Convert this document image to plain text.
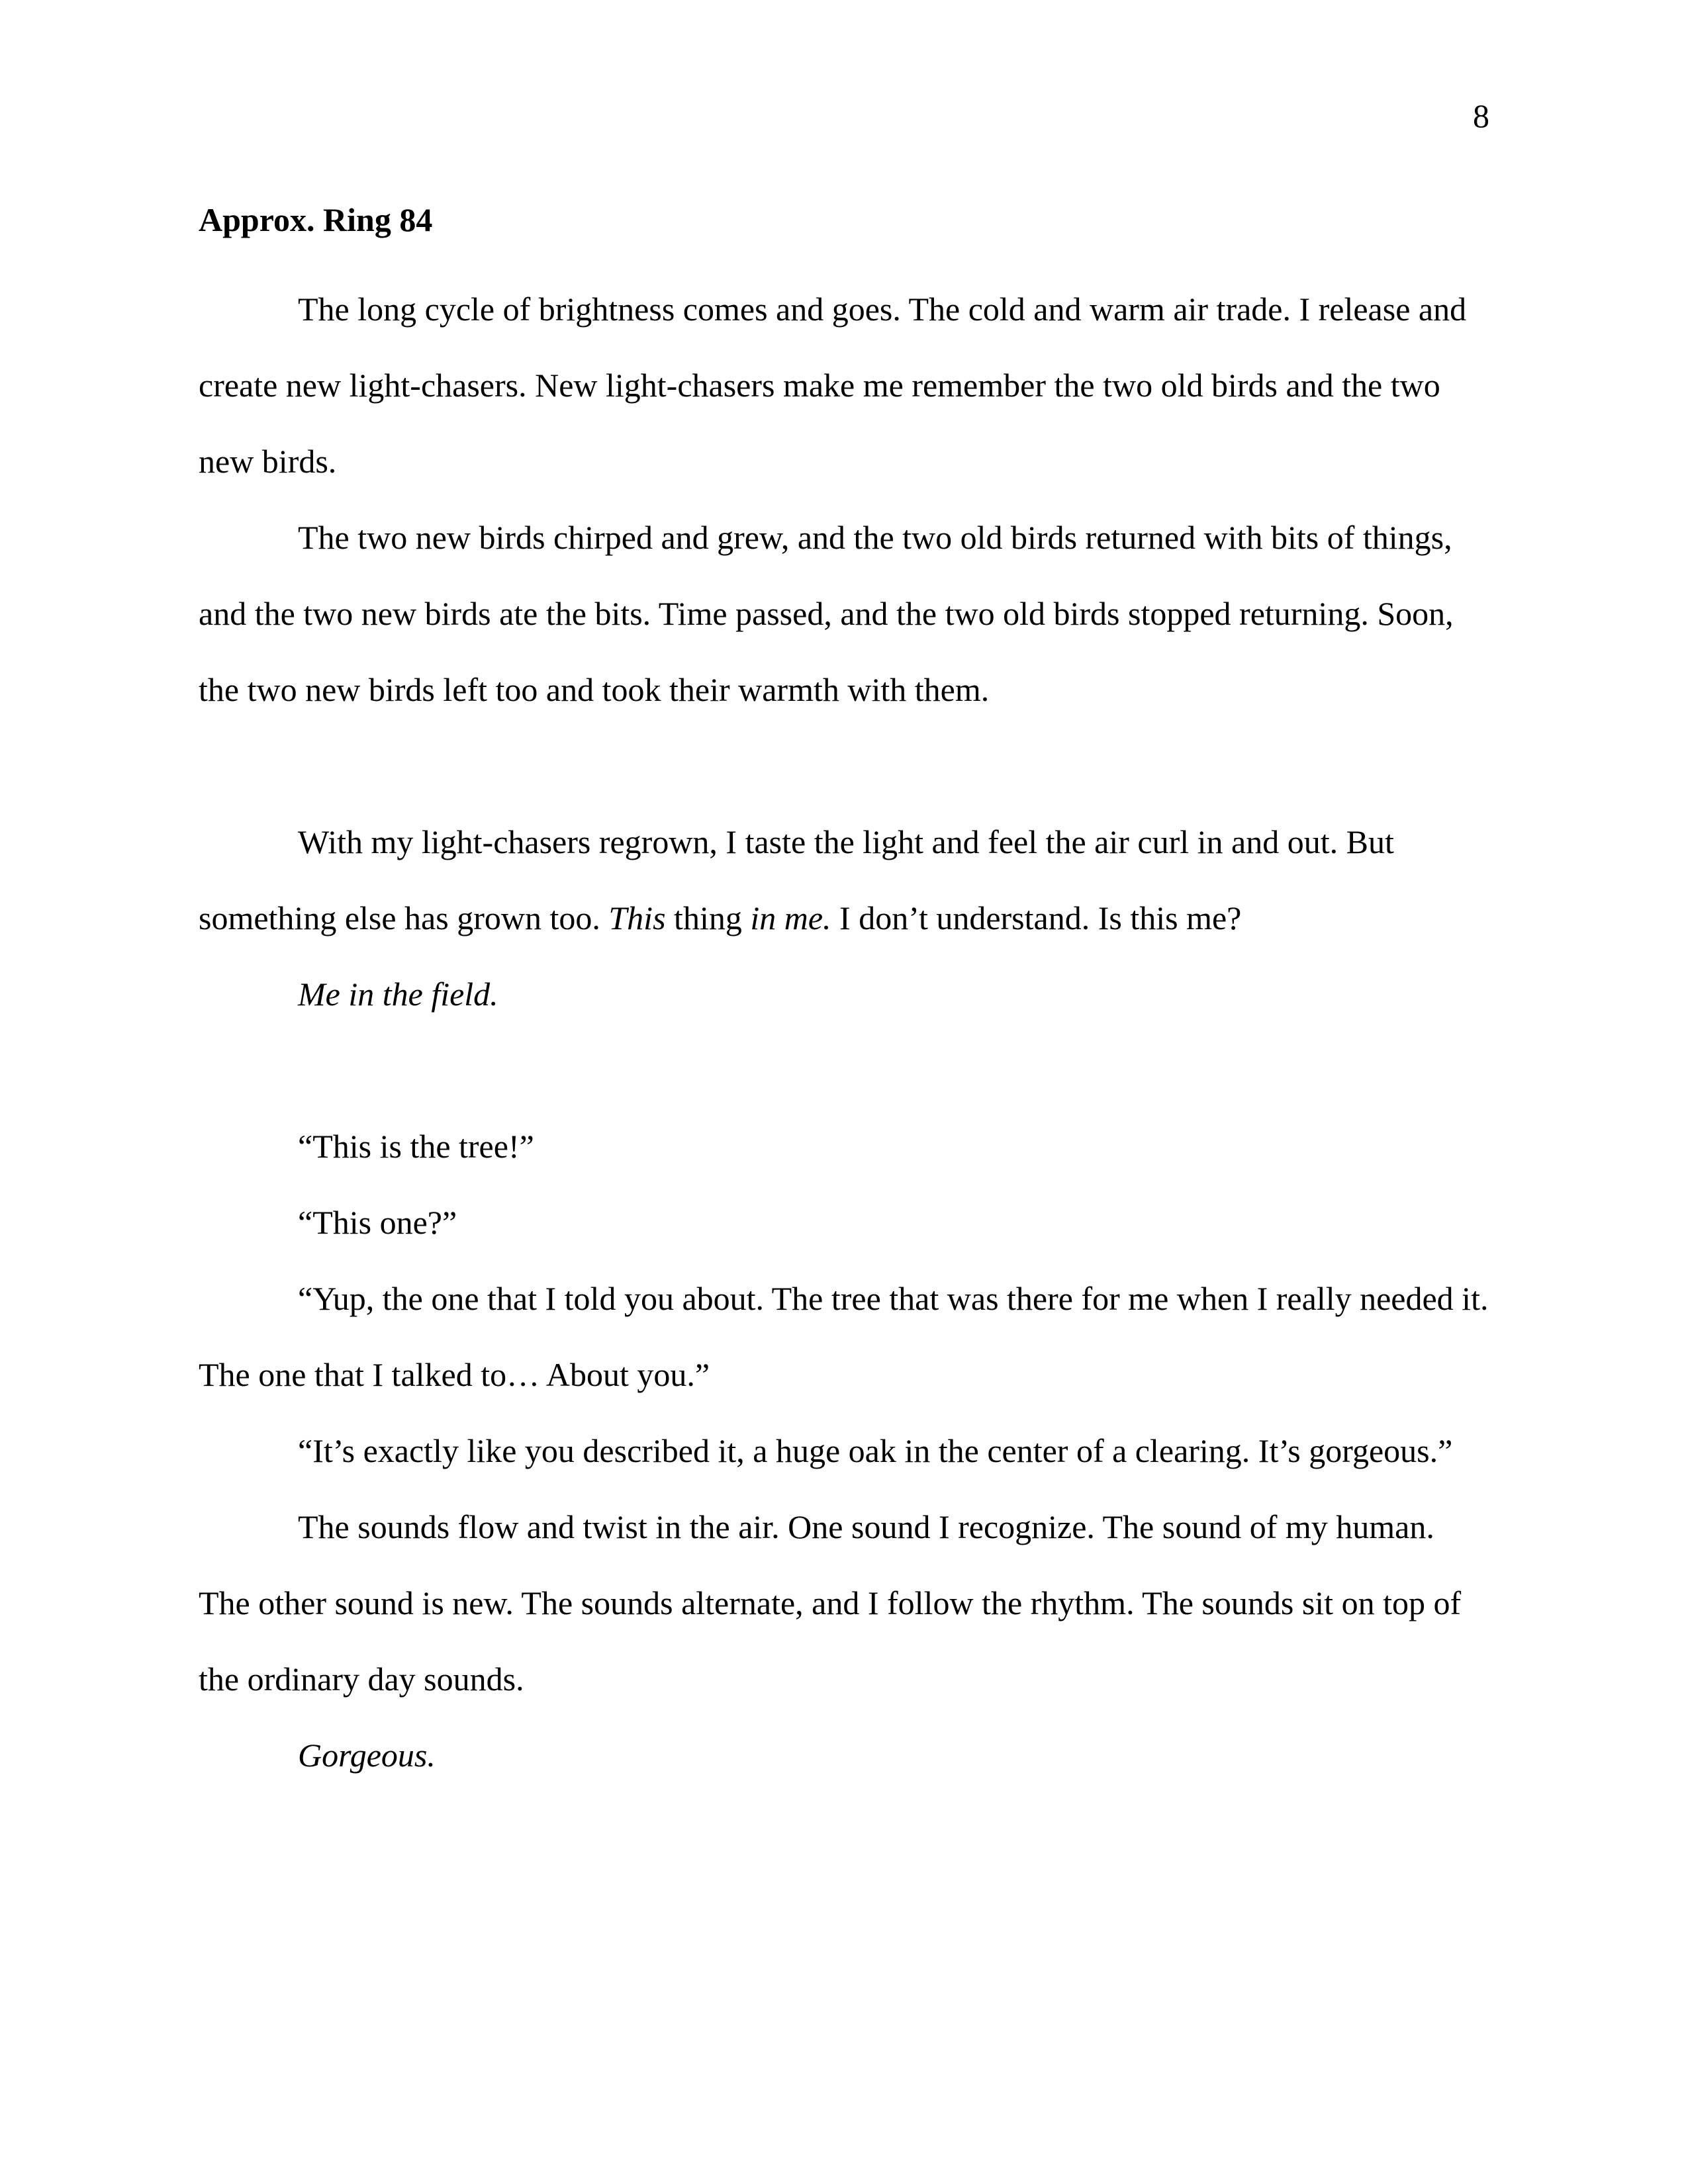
8
Approx. Ring 84

The long cycle of brightness comes and goes. The cold and warm air trade. I release and create new light-chasers. New light-chasers make me remember the two old birds and the two new birds.

The two new birds chirped and grew, and the two old birds returned with bits of things, and the two new birds ate the bits. Time passed, and the two old birds stopped returning. Soon, the two new birds left too and took their warmth with them.

With my light-chasers regrown, I taste the light and feel the air curl in and out. But something else has grown too. This thing in me. I don’t understand. Is this me?

Me in the field.

“This is the tree!”

“This one?”

“Yup, the one that I told you about. The tree that was there for me when I really needed it. The one that I talked to… About you.”

“It’s exactly like you described it, a huge oak in the center of a clearing. It’s gorgeous.”

The sounds flow and twist in the air. One sound I recognize. The sound of my human. The other sound is new. The sounds alternate, and I follow the rhythm. The sounds sit on top of the ordinary day sounds.

Gorgeous.
